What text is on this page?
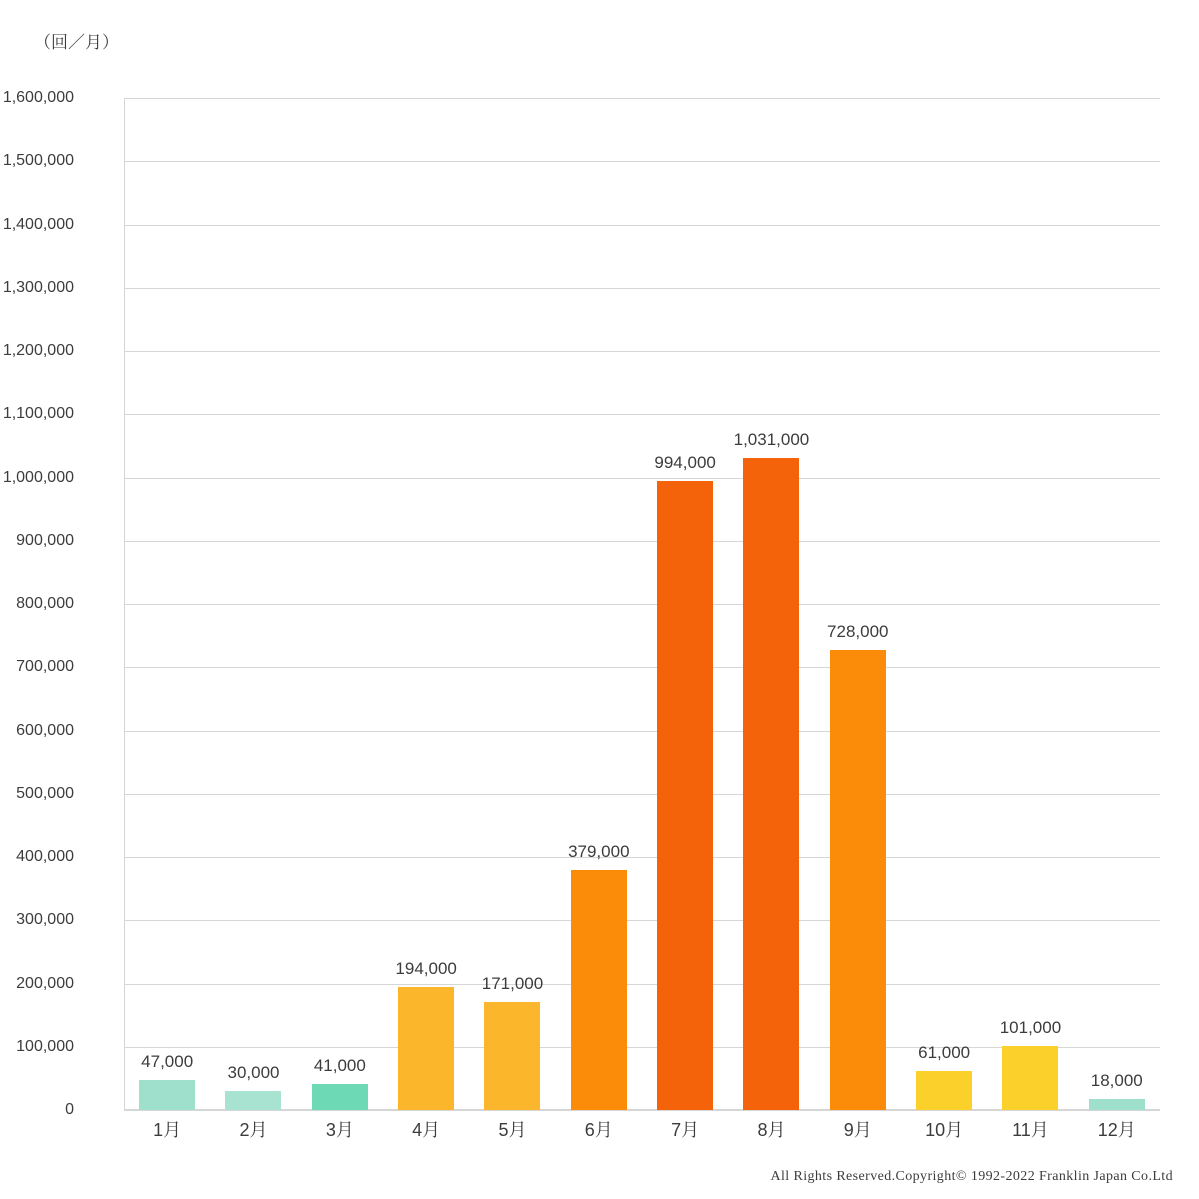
（回／月）
0
100,000
200,000
300,000
400,000
500,000
600,000
700,000
800,000
900,000
1,000,000
1,100,000
1,200,000
1,300,000
1,400,000
1,500,000
1,600,000
47,000
30,000 41,000
194,000
171,000
379,000
994,000
1,031,000
728,000
61,000
101,000
18,000
1月	2月	3月	4月	5月	6月	7月	8月	9月	10月	11月	12月
All Rights Reserved.Copyright© 1992-2022 Franklin Japan Co.Ltd
